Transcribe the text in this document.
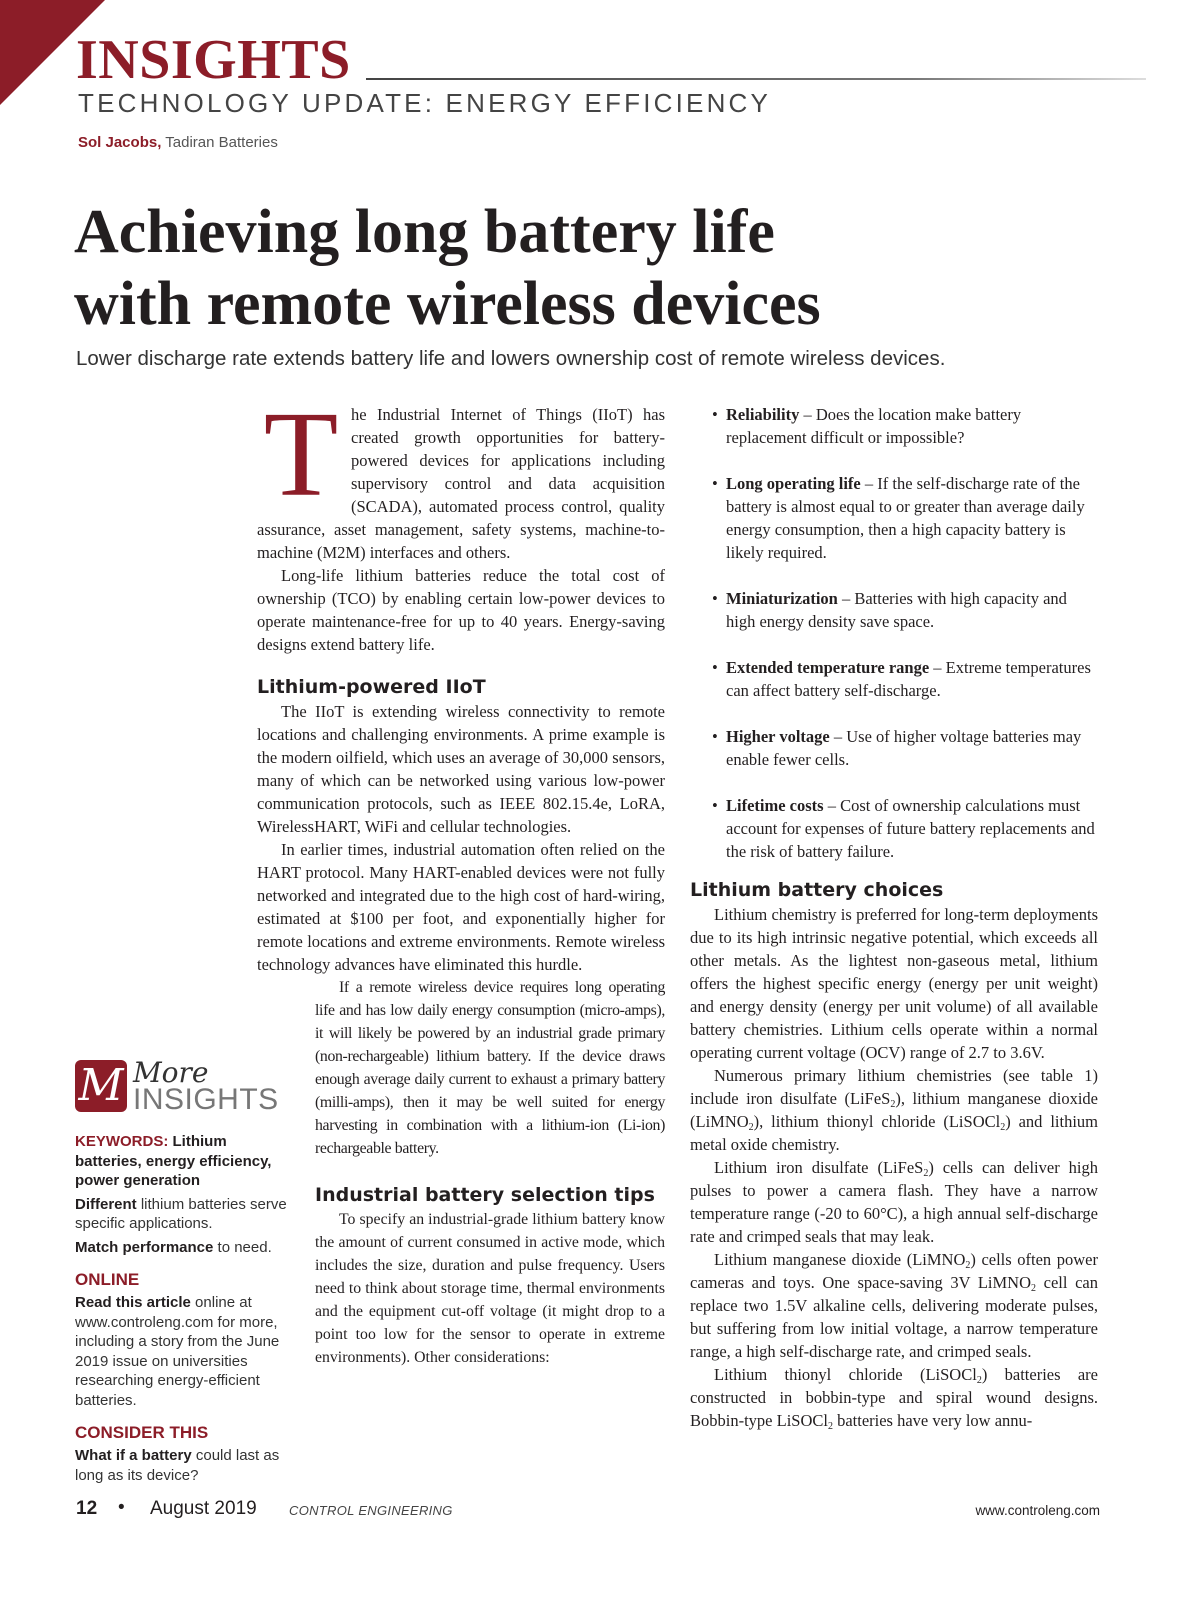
INSIGHTS
TECHNOLOGY UPDATE: ENERGY EFFICIENCY
Sol Jacobs, Tadiran Batteries
Achieving long battery life
with remote wireless devices
Lower discharge rate extends battery life and lowers ownership cost of remote wireless devices.

The Industrial Internet of Things (IIoT) has created growth opportunities for battery-powered devices for applications including supervisory control and data acquisition (SCADA), automated process control, quality assurance, asset management, safety systems, machine-to-machine (M2M) interfaces and others.

Long-life lithium batteries reduce the total cost of ownership (TCO) by enabling certain low-power devices to operate maintenance-free for up to 40 years. Energy-saving designs extend battery life.

Lithium-powered IIoT

The IIoT is extending wireless connectivity to remote locations and challenging environments. A prime example is the modern oilfield, which uses an average of 30,000 sensors, many of which can be networked using various low-power communication protocols, such as IEEE 802.15.4e, LoRA, WirelessHART, WiFi and cellular technologies.

In earlier times, industrial automation often relied on the HART protocol. Many HART-enabled devices were not fully networked and integrated due to the high cost of hard-wiring, estimated at $100 per foot, and exponentially higher for remote locations and extreme environments. Remote wireless technology advances have eliminated this hurdle.

If a remote wireless device requires long operating life and has low daily energy consumption (micro-amps), it will likely be powered by an industrial grade primary (non-rechargeable) lithium battery. If the device draws enough average daily current to exhaust a primary battery (milli-amps), then it may be well suited for energy harvesting in combination with a lithium-ion (Li-ion) rechargeable battery.

Industrial battery selection tips

To specify an industrial-grade lithium battery know the amount of current consumed in active mode, which includes the size, duration and pulse frequency. Users need to think about storage time, thermal environments and the equipment cut-off voltage (it might drop to a point too low for the sensor to operate in extreme environments). Other considerations:

• Reliability – Does the location make battery replacement difficult or impossible?
• Long operating life – If the self-discharge rate of the battery is almost equal to or greater than average daily energy consumption, then a high capacity battery is likely required.
• Miniaturization – Batteries with high capacity and high energy density save space.
• Extended temperature range – Extreme temperatures can affect battery self-discharge.
• Higher voltage – Use of higher voltage batteries may enable fewer cells.
• Lifetime costs – Cost of ownership calculations must account for expenses of future battery replacements and the risk of battery failure.
Lithium battery choices

Lithium chemistry is preferred for long-term deployments due to its high intrinsic negative potential, which exceeds all other metals. As the lightest non-gaseous metal, lithium offers the highest specific energy (energy per unit weight) and energy density (energy per unit volume) of all available battery chemistries. Lithium cells operate within a normal operating current voltage (OCV) range of 2.7 to 3.6V.

Numerous primary lithium chemistries (see table 1) include iron disulfate (LiFeS$_2$), lithium manganese dioxide (LiMNO$_2$), lithium thionyl chloride (LiSOCl$_2$) and lithium metal oxide chemistry.

Lithium iron disulfate (LiFeS$_2$) cells can deliver high pulses to power a camera flash. They have a narrow temperature range (-20 to 60°C), a high annual self-discharge rate and crimped seals that may leak.

Lithium manganese dioxide (LiMNO$_2$) cells often power cameras and toys. One space-saving 3V LiMNO$_2$ cell can replace two 1.5V alkaline cells, delivering moderate pulses, but suffering from low initial voltage, a narrow temperature range, a high self-discharge rate, and crimped seals.

Lithium thionyl chloride (LiSOCl$_2$) batteries are constructed in bobbin-type and spiral wound designs. Bobbin-type LiSOCl$_2$ batteries have very low annu-

M More
INSIGHTS

KEYWORDS: Lithium batteries, energy efficiency, power generation

Different lithium batteries serve specific applications.

Match performance to need.

ONLINE

Read this article online at www.controleng.com for more, including a story from the June 2019 issue on universities researching energy-efficient batteries.

CONSIDER THIS

What if a battery could last as long as its device?

12 • August 2019 CONTROL ENGINEERING	www.controleng.com
